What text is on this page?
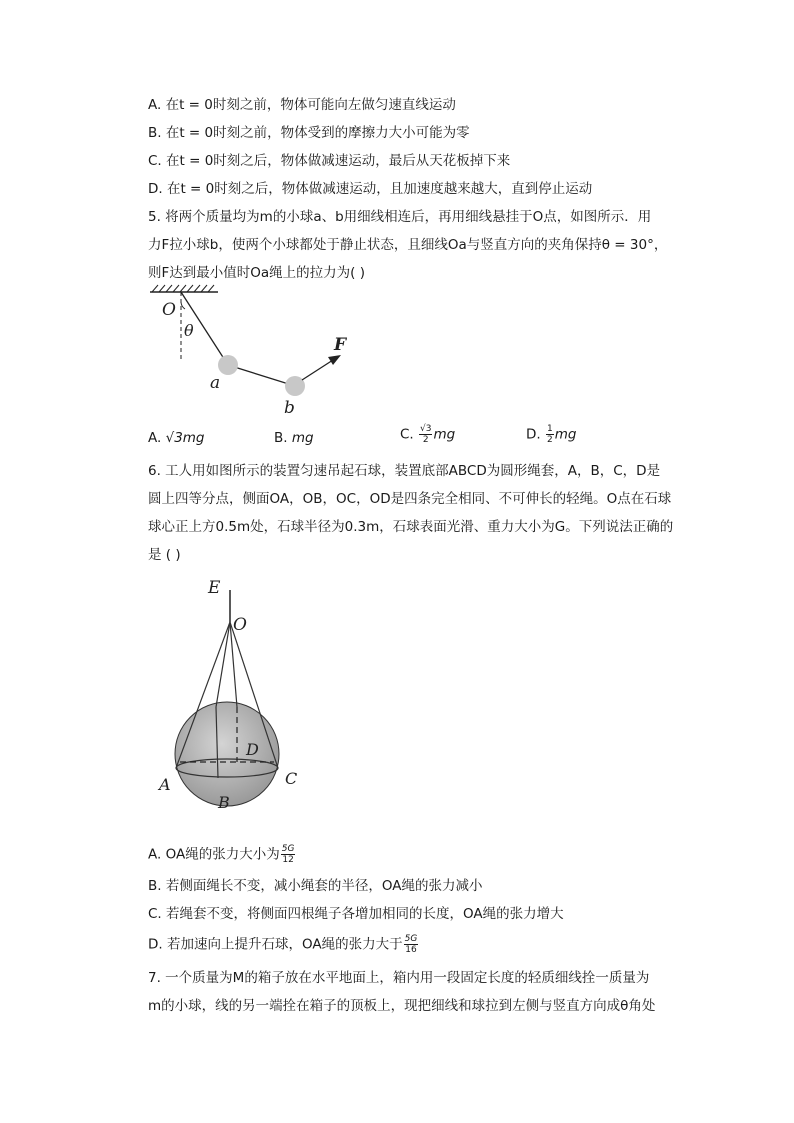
A. 在t = 0时刻之前，物体可能向左做匀速直线运动
B. 在t = 0时刻之前，物体受到的摩擦力大小可能为零
C. 在t = 0时刻之后，物体做减速运动，最后从天花板掉下来
D. 在t = 0时刻之后，物体做减速运动，且加速度越来越大，直到停止运动
5. 将两个质量均为m的小球a、b用细线相连后，再用细线悬挂于O点，如图所示．用
力F拉小球b，使两个小球都处于静止状态，且细线Oa与竖直方向的夹角保持θ = 30°，
则F达到最小值时Oa绳上的拉力为( )
O
θ
a
b
F
A. √3mg	B. mg	C. $\frac{√3}{2}$ mg	D. $\frac{1}{2}$ mg
6. 工人用如图所示的装置匀速吊起石球，装置底部ABCD为圆形绳套，A，B，C，D是
圆上四等分点，侧面OA，OB，OC，OD是四条完全相同、不可伸长的轻绳。O点在石球
球心正上方0.5m处，石球半径为0.3m，石球表面光滑、重力大小为G。下列说法正确的
是 ( )
E
O
D
A
B
C
A. OA绳的张力大小为 $\frac{5G}{12}$
B. 若侧面绳长不变，减小绳套的半径，OA绳的张力减小
C. 若绳套不变，将侧面四根绳子各增加相同的长度，OA绳的张力增大
D. 若加速向上提升石球，OA绳的张力大于 $\frac{5G}{16}$
7. 一个质量为M的箱子放在水平地面上，箱内用一段固定长度的轻质细线拴一质量为
m的小球，线的另一端拴在箱子的顶板上，现把细线和球拉到左侧与竖直方向成θ角处
